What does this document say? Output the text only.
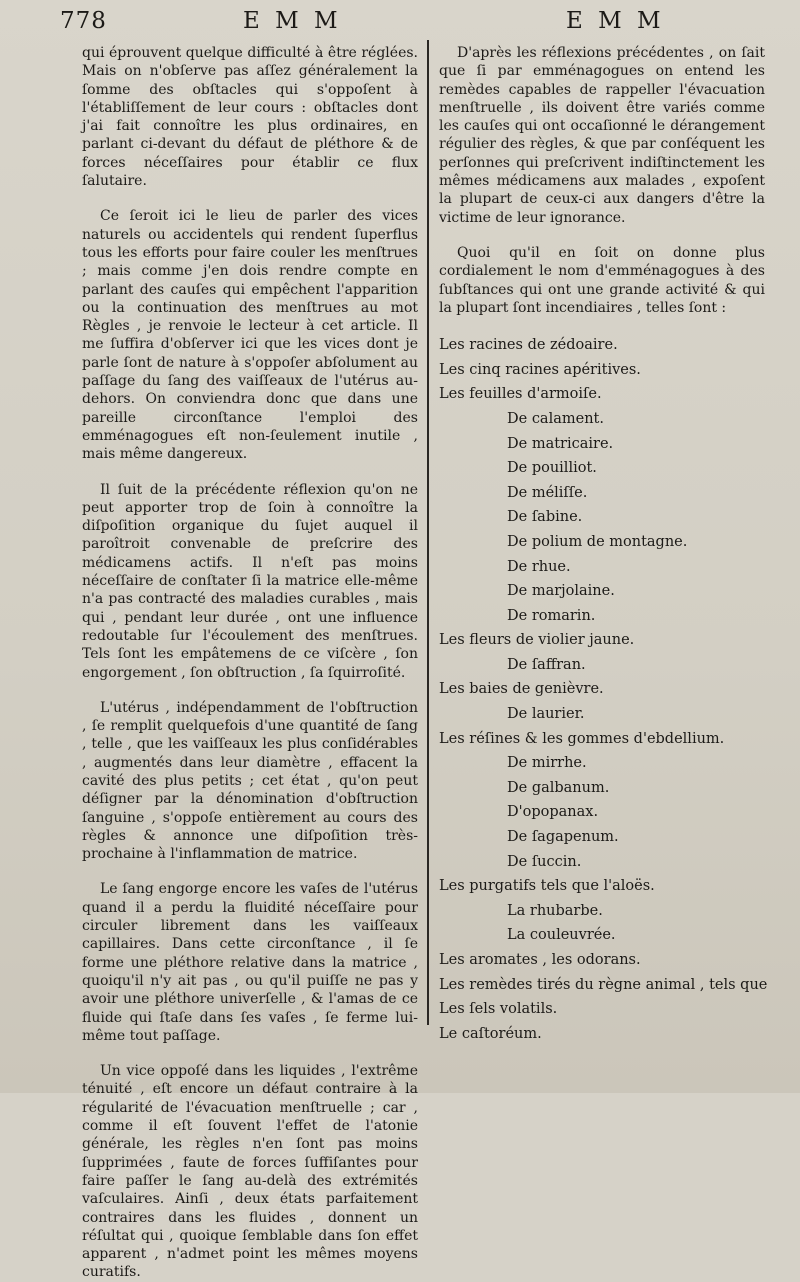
778	E M M	E M M

qui éprouvent quelque difficulté à être réglées. Mais on n'obſerve pas aſſez généralement la ſomme des obſtacles qui s'oppoſent à l'établiſſement de leur cours : obſtacles dont j'ai fait connoître les plus ordinaires, en parlant ci-devant du défaut de pléthore & de forces néceſſaires pour établir ce flux ſalutaire.

Ce ſeroit ici le lieu de parler des vices naturels ou accidentels qui rendent ſuperflus tous les efforts pour faire couler les menſtrues ; mais comme j'en dois rendre compte en parlant des cauſes qui empêchent l'apparition ou la continuation des menſtrues au mot Règles , je renvoie le lecteur à cet article. Il me ſuffira d'obſerver ici que les vices dont je parle ſont de nature à s'oppoſer abſolument au paſſage du ſang des vaiſſeaux de l'utérus au-dehors. On conviendra donc que dans une pareille circonſtance l'emploi des emménagogues eſt non-ſeulement inutile , mais même dangereux.

Il ſuit de la précédente réflexion qu'on ne peut apporter trop de ſoin à connoître la diſpoſition organique du ſujet auquel il paroîtroit convenable de preſcrire des médicamens actifs. Il n'eſt pas moins néceſſaire de conſtater ſi la matrice elle-même n'a pas contracté des maladies curables , mais qui , pendant leur durée , ont une influence redoutable ſur l'écoulement des menſtrues. Tels ſont les empâtemens de ce viſcère , ſon engorgement , ſon obſtruction , ſa ſquirroſité.

L'utérus , indépendamment de l'obſtruction , ſe remplit quelquefois d'une quantité de ſang , telle , que les vaiſſeaux les plus conſidérables , augmentés dans leur diamètre , effacent la cavité des plus petits ; cet état , qu'on peut déſigner par la dénomination d'obſtruction ſanguine , s'oppoſe entièrement au cours des règles & annonce une diſpoſition très-prochaine à l'inflammation de matrice.

Le ſang engorge encore les vaſes de l'utérus quand il a perdu la fluidité néceſſaire pour circuler librement dans les vaiſſeaux capillaires. Dans cette circonſtance , il ſe forme une pléthore relative dans la matrice , quoiqu'il n'y ait pas , ou qu'il puiſſe ne pas y avoir une pléthore univerſelle , & l'amas de ce fluide qui ſtaſe dans ſes vaſes , ſe ferme lui-même tout paſſage.

Un vice oppoſé dans les liquides , l'extrême ténuité , eſt encore un défaut contraire à la régularité de l'évacuation menſtruelle ; car , comme il eſt ſouvent l'effet de l'atonie générale, les règles n'en ſont pas moins ſupprimées , faute de forces ſuffiſantes pour faire paſſer le ſang au-delà des extrémités vaſculaires. Ainſi , deux états parfaitement contraires dans les fluides , donnent un réſultat qui , quoique ſemblable dans ſon effet apparent , n'admet point les mêmes moyens curatifs.

D'après les réflexions précédentes , on ſait que ſi par emménagogues on entend les remèdes capables de rappeller l'évacuation menſtruelle , ils doivent être variés comme les cauſes qui ont occaſionné le dérangement régulier des règles, & que par conſéquent les perſonnes qui preſcrivent indiſtinctement les mêmes médicamens aux malades , expoſent la plupart de ceux-ci aux dangers d'être la victime de leur ignorance.

Quoi qu'il en ſoit on donne plus cordialement le nom d'emménagogues à des ſubſtances qui ont une grande activité & qui la plupart ſont incendiaires , telles ſont :

Les racines de zédoaire.
Les cinq racines apéritives.
Les feuilles d'armoiſe.
De calament.
De matricaire.
De pouilliot.
De méliſſe.
De ſabine.
De polium de montagne.
De rhue.
De marjolaine.
De romarin.
Les fleurs de violier jaune.
De ſaffran.
Les baies de genièvre.
De laurier.
Les réſines & les gommes d'ebdellium.
De mirrhe.
De galbanum.
D'opopanax.
De ſagapenum.
De ſuccin.
Les purgatifs tels que l'aloës.
La rhubarbe.
La couleuvrée.
Les aromates , les odorans.
Les remèdes tirés du règne animal , tels que
Les ſels volatils.
Le caſtoréum.
